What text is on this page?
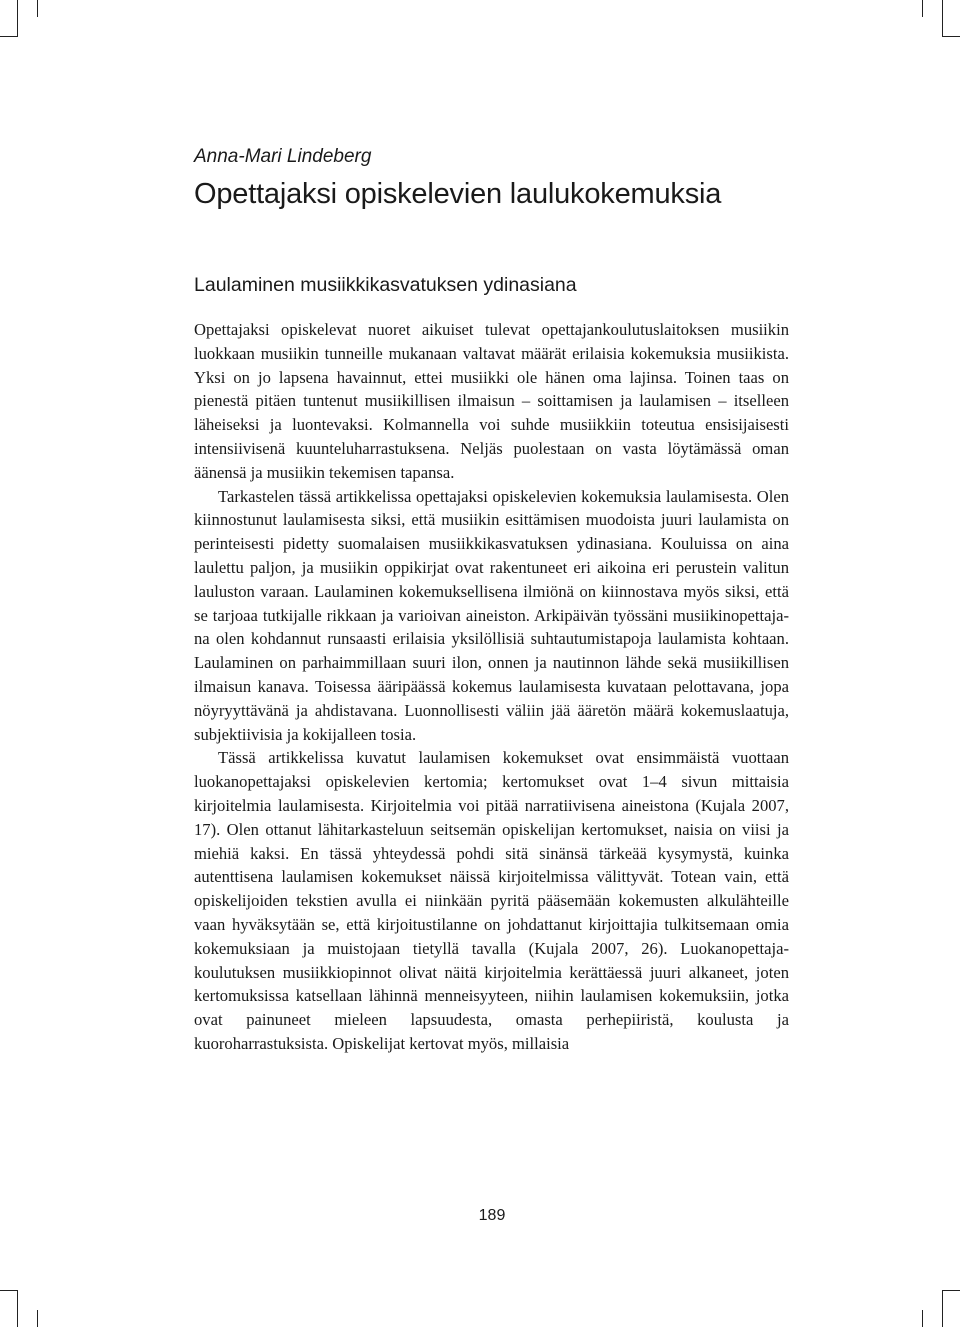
Anna-Mari Lindeberg
Opettajaksi opiskelevien laulukokemuksia
Laulaminen musiikkikasvatuksen ydinasiana

Opettajaksi opiskelevat nuoret aikuiset tulevat opettajankoulutuslaitoksen musiikin luokkaan musiikin tunneille mukanaan valtavat määrät erilaisia kokemuksia musiikista. Yksi on jo lapsena havainnut, ettei musiikki ole hänen oma lajinsa. Toinen taas on pienestä pitäen tuntenut musiikillisen ilmaisun – soittamisen ja laulamisen – itselleen läheiseksi ja luontevaksi. Kolmannella voi suhde musiikkiin toteutua ensisijaisesti intensiivisenä kuunteluharrastuksena. Neljäs puolestaan on vasta löytämässä oman äänensä ja musiikin tekemisen tapansa.

Tarkastelen tässä artikkelissa opettajaksi opiskelevien kokemuksia laulamisesta. Olen kiinnostunut laulamisesta siksi, että musiikin esittämisen muodoista juuri laulamista on perinteisesti pidetty suomalaisen musiikkikasvatuksen ydinasiana. Kouluissa on aina laulettu paljon, ja musiikin oppikirjat ovat rakentuneet eri aikoina eri perustein valitun lauluston varaan. Laulaminen kokemuksellisena ilmiönä on kiinnostava myös siksi, että se tarjoaa tutkijalle rikkaan ja varioivan aineiston. Arkipäivän työssäni musiikinopettajana olen kohdannut runsaasti erilaisia yksilöllisiä suhtautumistapoja laulamista kohtaan. Laulaminen on parhaimmillaan suuri ilon, onnen ja nautinnon lähde sekä musiikillisen ilmaisun kanava. Toisessa ääripäässä kokemus laulamisesta kuvataan pelottavana, jopa nöyryyttävänä ja ahdistavana. Luonnollisesti väliin jää ääretön määrä kokemuslaatuja, subjektiivisia ja kokijalleen tosia.

Tässä artikkelissa kuvatut laulamisen kokemukset ovat ensimmäistä vuottaan luokanopettajaksi opiskelevien kertomia; kertomukset ovat 1–4 sivun mittaisia kirjoitelmia laulamisesta. Kirjoitelmia voi pitää narratiivisena aineistona (Kujala 2007, 17). Olen ottanut lähitarkasteluun seitsemän opiskelijan kertomukset, naisia on viisi ja miehiä kaksi. En tässä yhteydessä pohdi sitä sinänsä tärkeää kysymystä, kuinka autenttisena laulamisen kokemukset näissä kirjoitelmissa välittyvät. Totean vain, että opiskelijoiden tekstien avulla ei niinkään pyritä pääsemään kokemusten alkulähteille vaan hyväksytään se, että kirjoitustilanne on johdattanut kirjoittajia tulkitsemaan omia kokemuksiaan ja muistojaan tietyllä tavalla (Kujala 2007, 26). Luokanopettajakoulutuksen musiikkiopinnot olivat näitä kirjoitelmia kerättäessä juuri alkaneet, joten kertomuksissa katsellaan lähinnä menneisyyteen, niihin laulamisen kokemuksiin, jotka ovat painuneet mieleen lapsuudesta, omasta perhepiiristä, koulusta ja kuoroharrastuksista. Opiskelijat kertovat myös, millaisia

189
